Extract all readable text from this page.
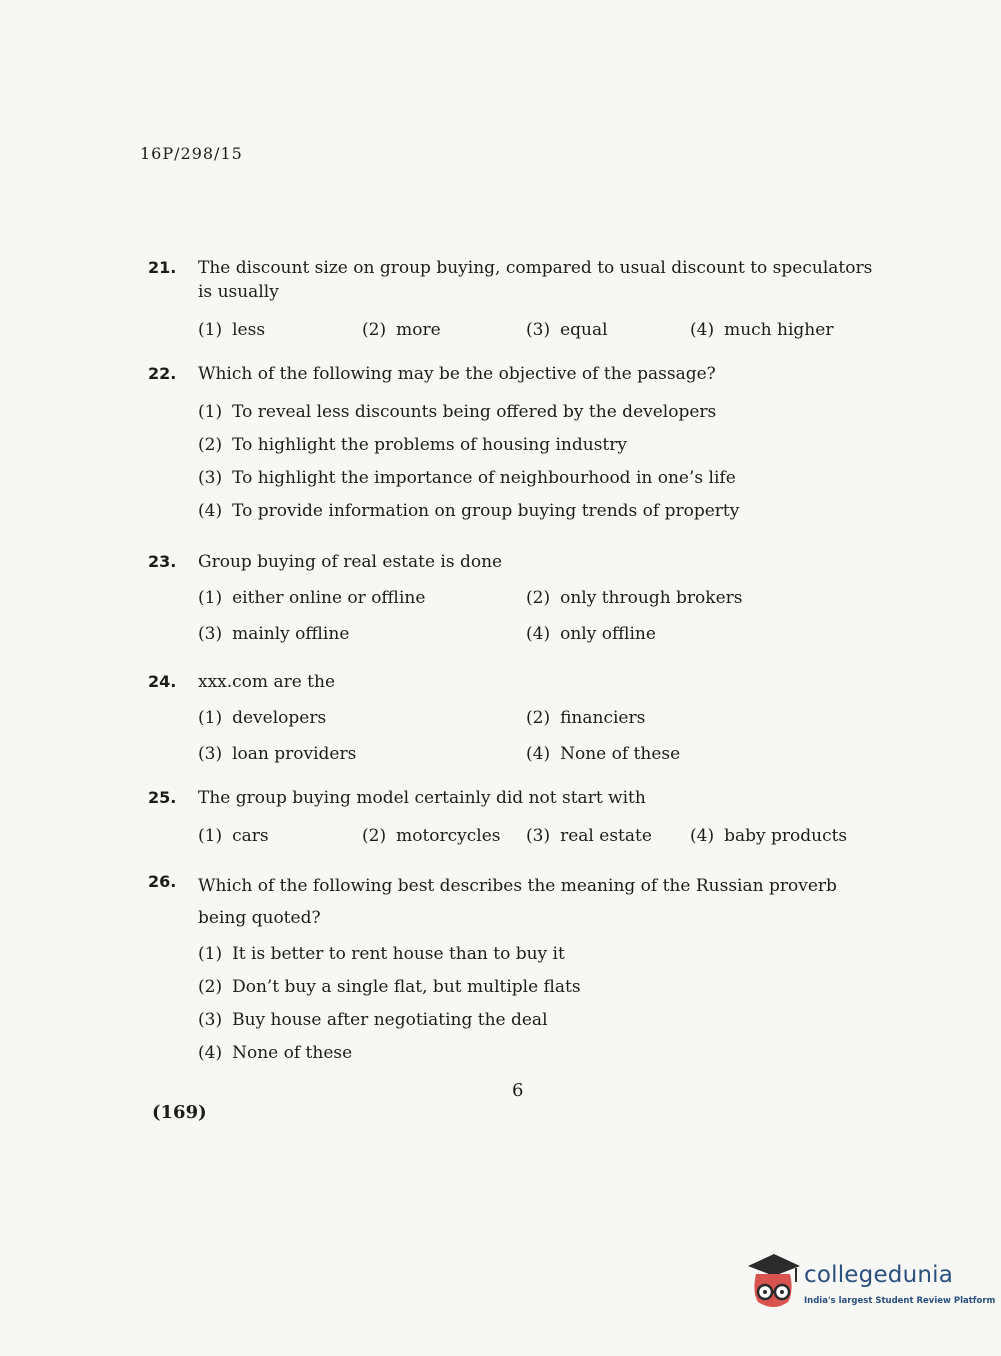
16P/298/15
21. The discount size on group buying, compared to usual discount to speculators is usually
(1) less	(2) more	(3) equal	(4) much higher
22. Which of the following may be the objective of the passage?
(1) To reveal less discounts being offered by the developers
(2) To highlight the problems of housing industry
(3) To highlight the importance of neighbourhood in one’s life
(4) To provide information on group buying trends of property
23. Group buying of real estate is done
(1) either online or offline	(2) only through brokers
(3) mainly offline	(4) only offline
24. xxx.com are the
(1) developers	(2) financiers
(3) loan providers	(4) None of these
25. The group buying model certainly did not start with
(1) cars	(2) motorcycles	(3) real estate	(4) baby products
26. Which of the following best describes the meaning of the Russian proverb being quoted?
(1) It is better to rent house than to buy it
(2) Don’t buy a single flat, but multiple flats
(3) Buy house after negotiating the deal
(4) None of these
6
(169)
collegedunia
India's largest Student Review Platform
